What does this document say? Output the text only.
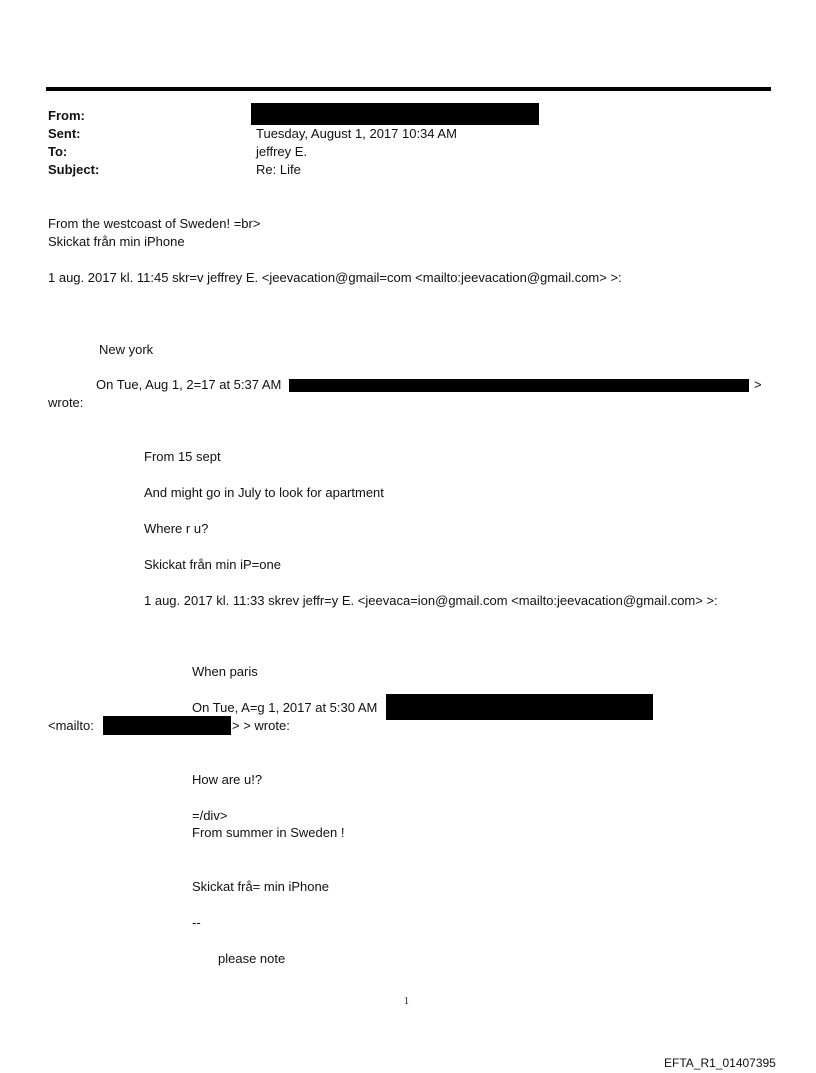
From:
Sent:
To:
Subject:
Tuesday, August 1, 2017 10:34 AM
jeffrey E.
Re: Life
From the westcoast of Sweden! =br>
Skickat från min iPhone
1 aug. 2017 kl. 11:45 skr=v jeffrey E. <jeevacation@gmail=com <mailto:jeevacation@gmail.com> >:
New york
On Tue, Aug 1, 2=17 at 5:37 AM	>
wrote:
From 15 sept
And might go in July to look for apartment
Where r u?
Skickat från min iP=one
1 aug. 2017 kl. 11:33 skrev jeffr=y E. <jeevaca=ion@gmail.com <mailto:jeevacation@gmail.com> >:
When paris
On Tue, A=g 1, 2017 at 5:30 AM
<mailto:	> > wrote:
How are u!?
=/div>
From summer in Sweden !
Skickat frå= min iPhone
--
please note
1
EFTA_R1_01407395
